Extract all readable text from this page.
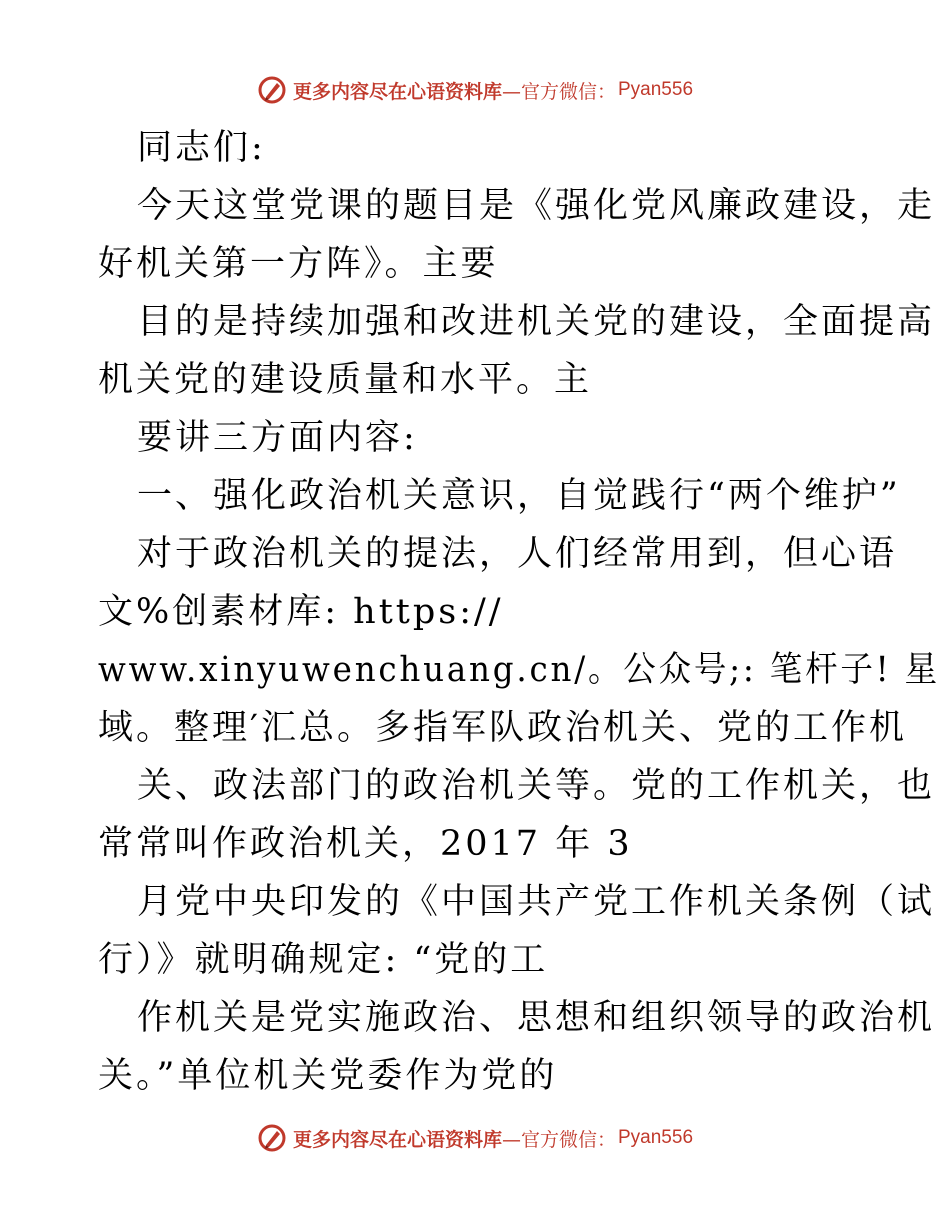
更多内容尽在心语资料库 —官方微信： Pyan556
同志们:
今天这堂党课的题目是《强化党风廉政建设，走
好机关第一方阵》。主要
目的是持续加强和改进机关党的建设，全面提高
机关党的建设质量和水平。主
要讲三方面内容:
一、强化政治机关意识，自觉践行“两个维护”
对于政治机关的提法，人们经常用到，但心语
文%创素材库: https://
www.xinyuwenchuang.cn/。公众号;: 笔杆子! 星
域。整理′汇总。多指军队政治机关、党的工作机
关、政法部门的政治机关等。党的工作机关，也
常常叫作政治机关，2017 年 3
月党中央印发的《中国共产党工作机关条例（试
行）》就明确规定: “党的工
作机关是党实施政治、思想和组织领导的政治机
关。”单位机关党委作为党的
更多内容尽在心语资料库 —官方微信： Pyan556
